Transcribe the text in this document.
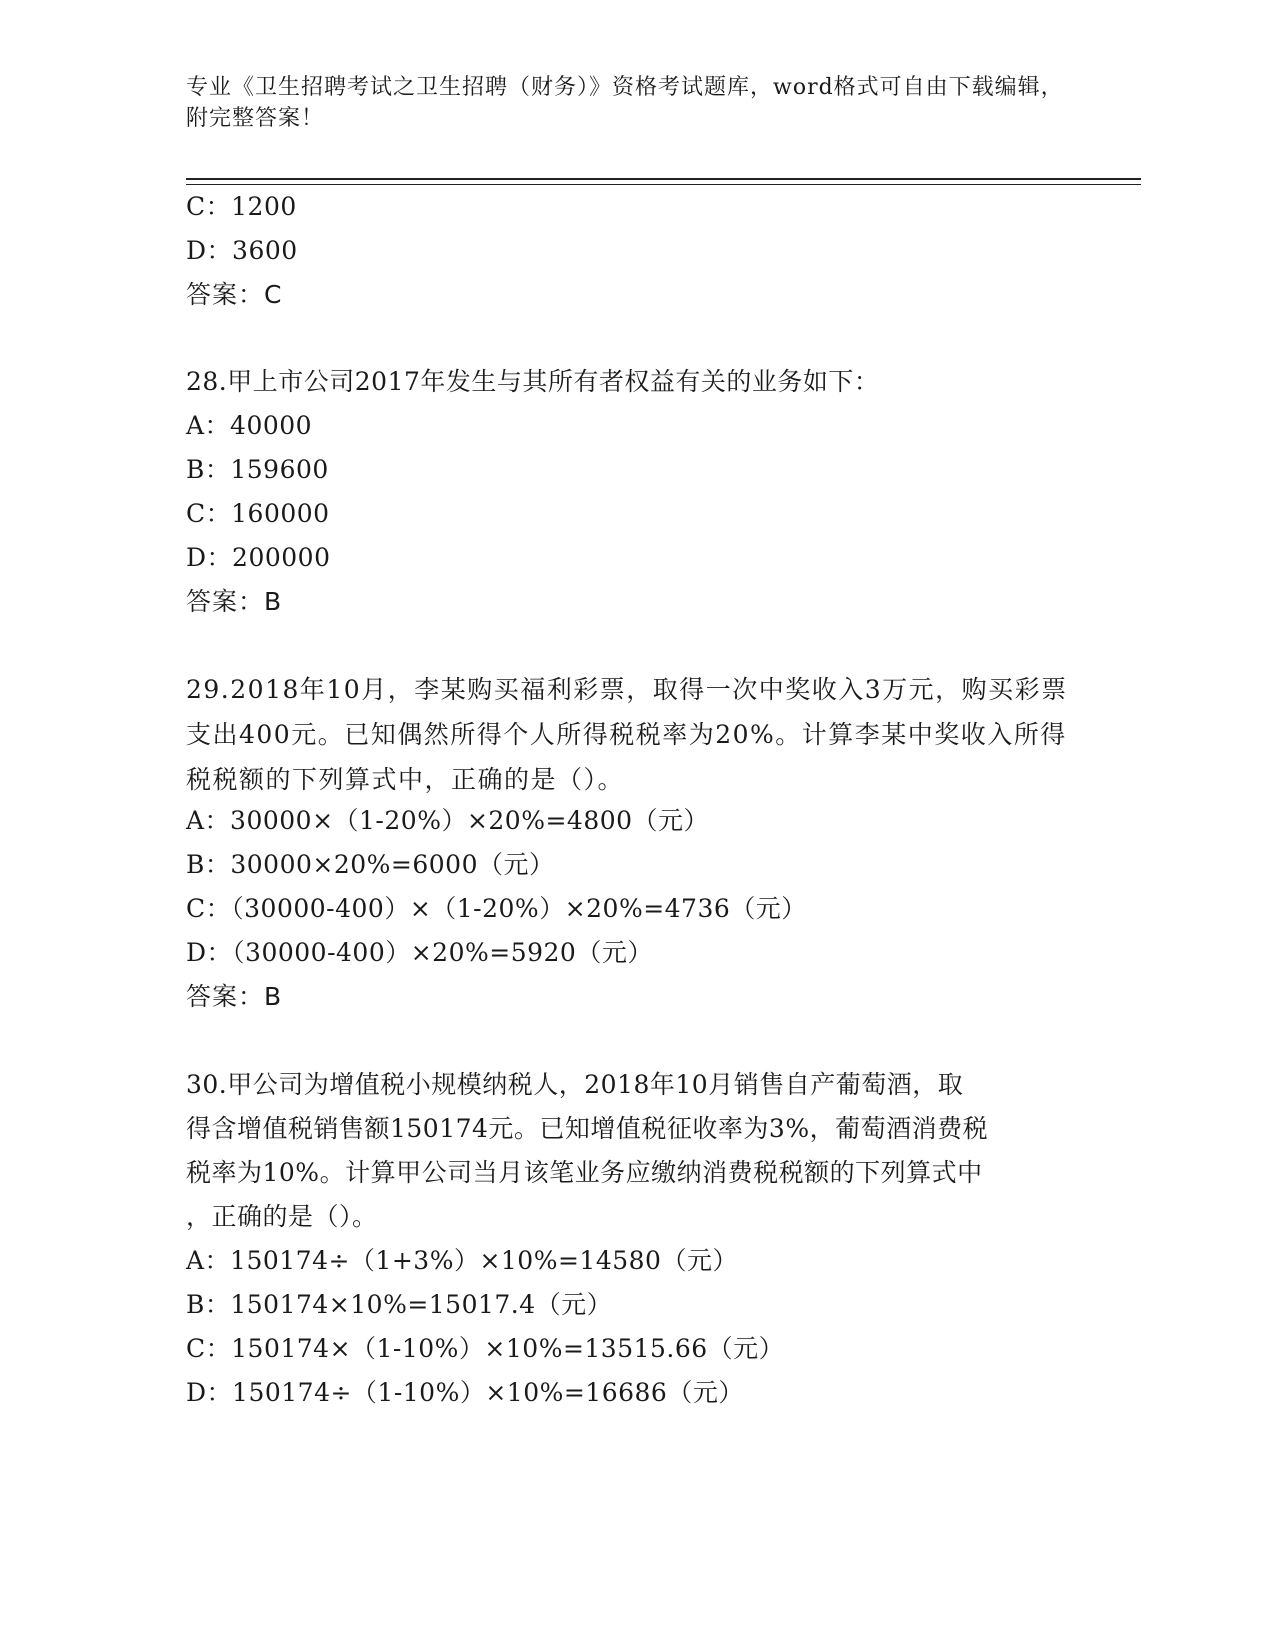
专业《卫生招聘考试之卫生招聘（财务）》资格考试题库，word格式可自由下载编辑，附完整答案！
C：1200
D：3600
答案：C
28.甲上市公司2017年发生与其所有者权益有关的业务如下：
A：40000
B：159600
C：160000
D：200000
答案：B
29.2018年10月，李某购买福利彩票，取得一次中奖收入3万元，购买彩票支出400元。已知偶然所得个人所得税税率为20%。计算李某中奖收入所得税税额的下列算式中，正确的是（）。
A：30000×（1-20%）×20%=4800（元）
B：30000×20%=6000（元）
C：（30000-400）×（1-20%）×20%=4736（元）
D：（30000-400）×20%=5920（元）
答案：B
30.甲公司为增值税小规模纳税人，2018年10月销售自产葡萄酒，取
得含增值税销售额150174元。已知增值税征收率为3%，葡萄酒消费税
税率为10%。计算甲公司当月该笔业务应缴纳消费税税额的下列算式中
，正确的是（）。
A：150174÷（1+3%）×10%=14580（元）
B：150174×10%=15017.4（元）
C：150174×（1-10%）×10%=13515.66（元）
D：150174÷（1-10%）×10%=16686（元）
